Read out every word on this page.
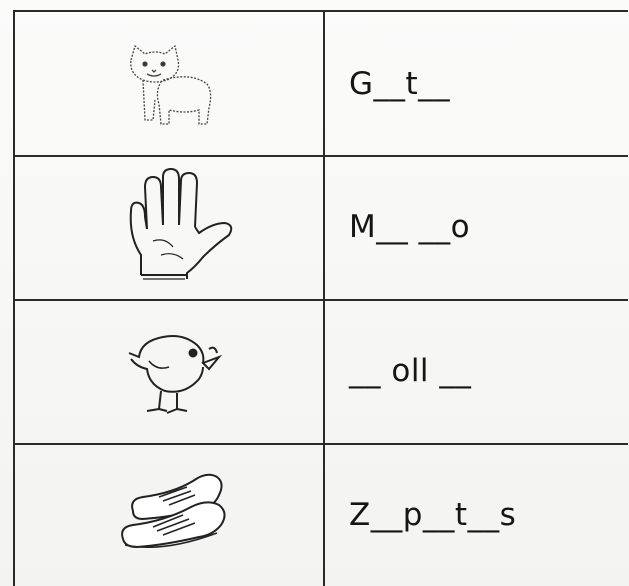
G__t__
M__ __o
__ oll __
Z__p__t__s
